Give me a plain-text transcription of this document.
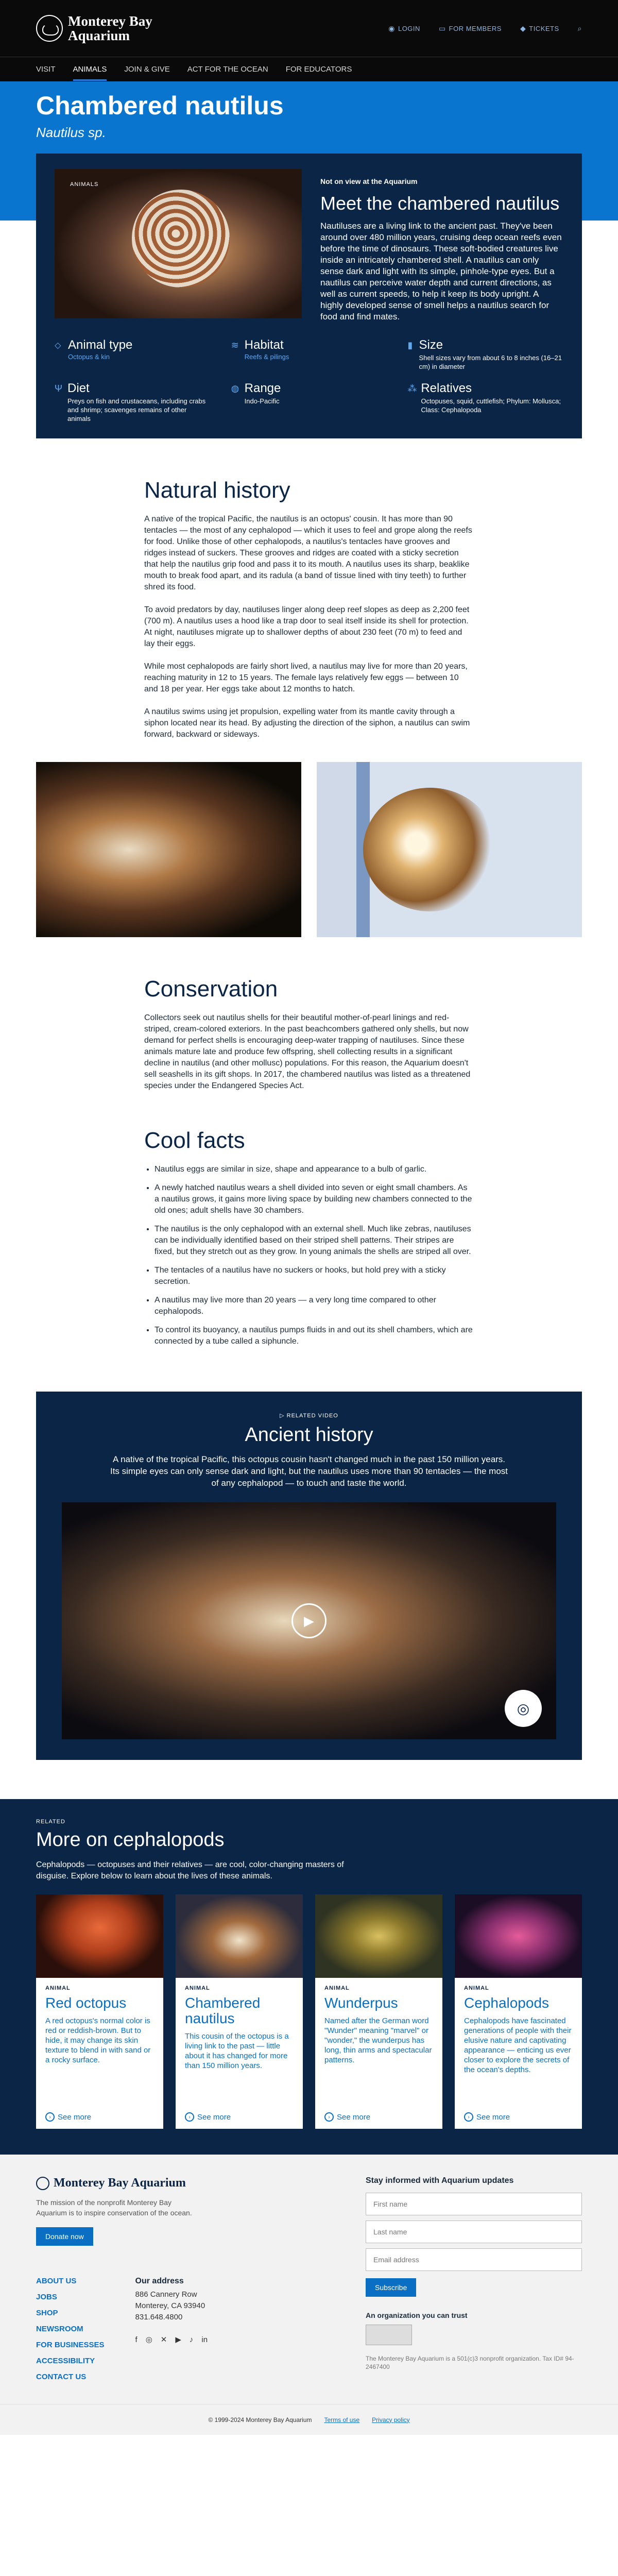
Monterey Bay
Aquarium	◉ LOGIN	▭ FOR MEMBERS	◆ TICKETS	⌕
VISIT ANIMALS JOIN & GIVE ACT FOR THE OCEAN FOR EDUCATORS
Chambered nautilus
Nautilus sp.
ANIMALS	Not on view at the Aquarium
Meet the chambered nautilus

Nautiluses are a living link to the ancient past. They've been around over 480 million years, cruising deep ocean reefs even before the time of dinosaurs. These soft-bodied creatures live inside an intricately chambered shell. A nautilus can only sense dark and light with its simple, pinhole-type eyes. But a nautilus can perceive water depth and current directions, as well as current speeds, to help it keep its body upright. A highly developed sense of smell helps a nautilus search for food and find mates.

⬦ Animal type
Octopus & kin
≋ Habitat
Reefs & pilings
▮ Size
Shell sizes vary from about 6 to 8 inches (16–21 cm) in diameter
Ψ Diet
Preys on fish and crustaceans, including crabs and shrimp; scavenges remains of other animals
◍ Range
Indo-Pacific
⁂ Relatives
Octopuses, squid, cuttlefish; Phylum: Mollusca; Class: Cephalopoda
Natural history

A native of the tropical Pacific, the nautilus is an octopus' cousin. It has more than 90 tentacles — the most of any cephalopod — which it uses to feel and grope along the reefs for food. Unlike those of other cephalopods, a nautilus's tentacles have grooves and ridges instead of suckers. These grooves and ridges are coated with a sticky secretion that help the nautilus grip food and pass it to its mouth. A nautilus uses its sharp, beaklike mouth to break food apart, and its radula (a band of tissue lined with tiny teeth) to further shred its food.

To avoid predators by day, nautiluses linger along deep reef slopes as deep as 2,200 feet (700 m). A nautilus uses a hood like a trap door to seal itself inside its shell for protection. At night, nautiluses migrate up to shallower depths of about 230 feet (70 m) to feed and lay their eggs.

While most cephalopods are fairly short lived, a nautilus may live for more than 20 years, reaching maturity in 12 to 15 years. The female lays relatively few eggs — between 10 and 18 per year. Her eggs take about 12 months to hatch.

A nautilus swims using jet propulsion, expelling water from its mantle cavity through a siphon located near its head. By adjusting the direction of the siphon, a nautilus can swim forward, backward or sideways.

Conservation

Collectors seek out nautilus shells for their beautiful mother-of-pearl linings and red-striped, cream-colored exteriors. In the past beachcombers gathered only shells, but now demand for perfect shells is encouraging deep-water trapping of nautiluses. Since these animals mature late and produce few offspring, shell collecting results in a significant decline in nautilus (and other mollusc) populations. For this reason, the Aquarium doesn't sell seashells in its gift shops. In 2017, the chambered nautilus was listed as a threatened species under the Endangered Species Act.

Cool facts
• Nautilus eggs are similar in size, shape and appearance to a bulb of garlic.
• A newly hatched nautilus wears a shell divided into seven or eight small chambers. As a nautilus grows, it gains more living space by building new chambers connected to the old ones; adult shells have 30 chambers.
• The nautilus is the only cephalopod with an external shell. Much like zebras, nautiluses can be individually identified based on their striped shell patterns. Their stripes are fixed, but they stretch out as they grow. In young animals the shells are striped all over.
• The tentacles of a nautilus have no suckers or hooks, but hold prey with a sticky secretion.
• A nautilus may live more than 20 years — a very long time compared to other cephalopods.
• To control its buoyancy, a nautilus pumps fluids in and out its shell chambers, which are connected by a tube called a siphuncle.
▷ RELATED VIDEO
Ancient history

A native of the tropical Pacific, this octopus cousin hasn't changed much in the past 150 million years. Its simple eyes can only sense dark and light, but the nautilus uses more than 90 tentacles — the most of any cephalopod — to touch and taste the world.

▶
◎
RELATED
More on cephalopods

Cephalopods — octopuses and their relatives — are cool, color-changing masters of disguise. Explore below to learn about the lives of these animals.

ANIMAL
Red octopus

A red octopus's normal color is red or reddish-brown. But to hide, it may change its skin texture to blend in with sand or a rocky surface.

› See more
ANIMAL
Chambered nautilus

This cousin of the octopus is a living link to the past — little about it has changed for more than 150 million years.

› See more
ANIMAL
Wunderpus

Named after the German word "Wunder" meaning "marvel" or "wonder," the wunderpus has long, thin arms and spectacular patterns.

› See more
ANIMAL
Cephalopods

Cephalopods have fascinated generations of people with their elusive nature and captivating appearance — enticing us ever closer to explore the secrets of the ocean's depths.

› See more
Monterey Bay Aquarium

The mission of the nonprofit Monterey Bay Aquarium is to inspire conservation of the ocean.

Donate now
ABOUT US
JOBS
SHOP
NEWSROOM
FOR BUSINESSES
ACCESSIBILITY
CONTACT US
Our address
886 Cannery Row
Monterey, CA 93940
831.648.4800
f ◎ ✕ ▶ ♪ in
Stay informed with Aquarium updates
First name
Last name
Email address
Subscribe
An organization you can trust
The Monterey Bay Aquarium is a 501(c)3 nonprofit organization. Tax ID# 94-2467400
© 1999-2024 Monterey Bay Aquarium Terms of use Privacy policy
